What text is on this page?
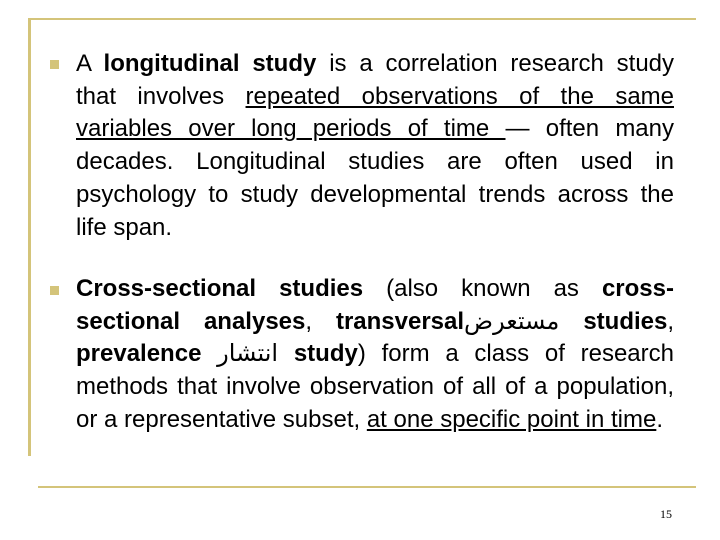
A longitudinal study is a correlation research study that involves repeated observations of the same variables over long periods of time — often many decades. Longitudinal studies are often used in psychology to study developmental trends across the life span.
Cross-sectional studies (also known as cross-sectional analyses, transversalمستعرض studies, prevalence انتشار study) form a class of research methods that involve observation of all of a population, or a representative subset, at one specific point in time.
15
